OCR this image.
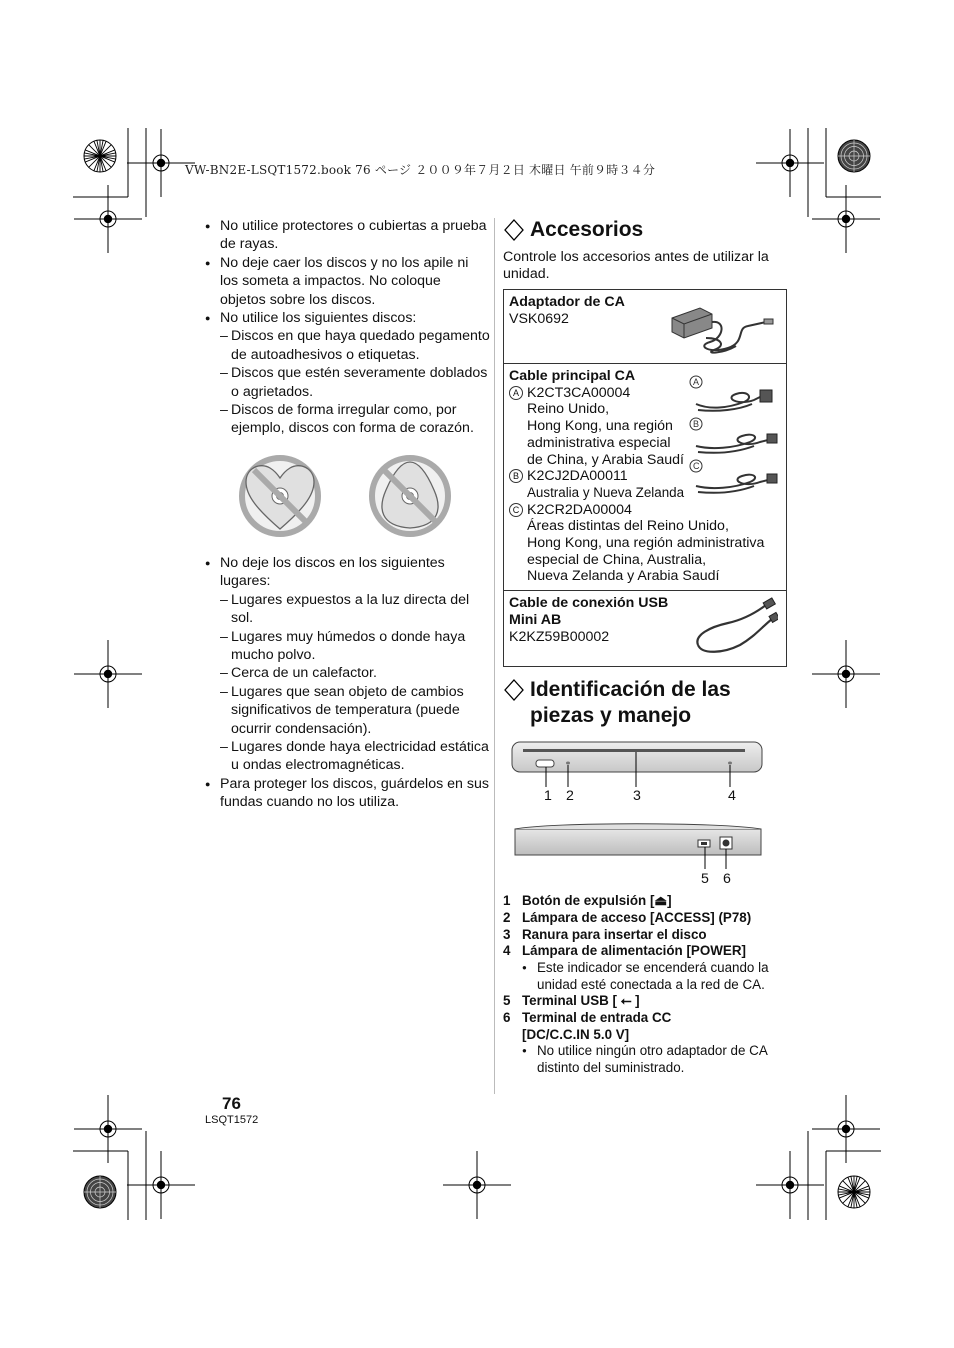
VW-BN2E-LSQT1572.book 76 ページ ２００９年７月２日 木曜日 午前９時３４分
● No utilice protectores o cubiertas a prueba de rayas.
● No deje caer los discos y no los apile ni los someta a impactos. No coloque objetos sobre los discos.
● No utilice los siguientes discos:
– Discos en que haya quedado pegamento de autoadhesivos o etiquetas.
– Discos que estén severamente doblados o agrietados.
– Discos de forma irregular como, por ejemplo, discos con forma de corazón.
● No deje los discos en los siguientes lugares:
– Lugares expuestos a la luz directa del sol.
– Lugares muy húmedos o donde haya mucho polvo.
– Cerca de un calefactor.
– Lugares que sean objeto de cambios significativos de temperatura (puede ocurrir condensación).
– Lugares donde haya electricidad estática u ondas electromagnéticas.
● Para proteger los discos, guárdelos en sus fundas cuando no los utiliza.
Accesorios
Controle los accesorios antes de utilizar la unidad.
Adaptador de CA
VSK0692

Cable principal CA
A K2CT3CA00004
Reino Unido,
Hong Kong, una región
administrativa especial
de China, y Arabia Saudí
B K2CJ2DA00011
Australia y Nueva Zelanda
C K2CR2DA00004
Áreas distintas del Reino Unido,
Hong Kong, una región administrativa
especial de China, Australia,
Nueva Zelanda y Arabia Saudí
A
B
C

Cable de conexión USB
Mini AB
K2KZ59B00002
Identificación de las
piezas y manejo
1 2	3	4
5 6
1 Botón de expulsión [⏏]
2 Lámpara de acceso [ACCESS] (P78)
3 Ranura para insertar el disco
4 Lámpara de alimentación [POWER]
● Este indicador se encenderá cuando la unidad esté conectada a la red de CA.
5 Terminal USB [ ⭠ ]
6 Terminal de entrada CC
[DC/C.C.IN 5.0 V]
● No utilice ningún otro adaptador de CA distinto del suministrado.
76
LSQT1572
